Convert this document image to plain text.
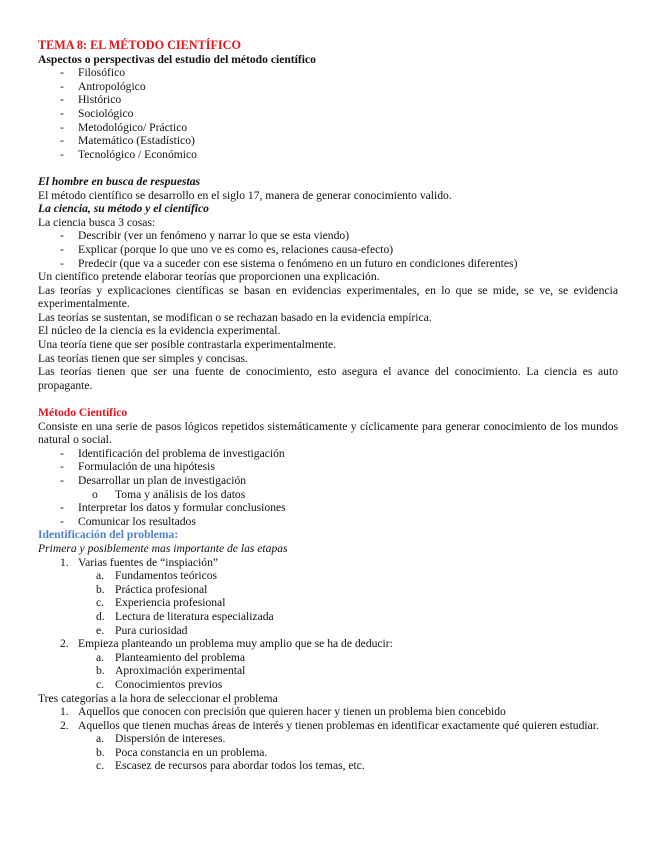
TEMA 8: EL MÉTODO CIENTÍFICO
Aspectos o perspectivas del estudio del método científico
- Filosófico
- Antropológico
- Histórico
- Sociológico
- Metodológico/ Práctico
- Matemático (Estadístico)
- Tecnológico / Económico
El hombre en busca de respuestas
El método científico se desarrollo en el siglo 17, manera de generar conocimiento valido.
La ciencia, su método y el científico
La ciencia busca 3 cosas:
- Describir (ver un fenómeno y narrar lo que se esta viendo)
- Explicar (porque lo que uno ve es como es, relaciones causa-efecto)
- Predecir (que va a suceder con ese sistema o fenómeno en un futuro en condiciones diferentes)
Un científico pretende elaborar teorías que proporcionen una explicación.
Las teorías y explicaciones científicas se basan en evidencias experimentales, en lo que se mide, se ve, se evidencia experimentalmente.
Las teorías se sustentan, se modifican o se rechazan basado en la evidencia empírica.
El núcleo de la ciencia es la evidencia experimental.
Una teoría tiene que ser posible contrastarla experimentalmente.
Las teorías tienen que ser simples y concisas.
Las teorías tienen que ser una fuente de conocimiento, esto asegura el avance del conocimiento. La ciencia es auto propagante.
Método Científico
Consiste en una serie de pasos lógicos repetidos sistemáticamente y cíclicamente para generar conocimiento de los mundos natural o social.
- Identificación del problema de investigación
- Formulación de una hipótesis
- Desarrollar un plan de investigación
o Toma y análisis de los datos
- Interpretar los datos y formular conclusiones
- Comunicar los resultados
Identificación del problema:
Primera y posiblemente mas importante de las etapas
1. Varias fuentes de “inspiación”
a. Fundamentos teóricos
b. Práctica profesional
c. Experiencia profesional
d. Lectura de literatura especializada
e. Pura curiosidad
2. Empieza planteando un problema muy amplio que se ha de deducir:
a. Planteamiento del problema
b. Aproximación experimental
c. Conocimientos previos
Tres categorías a la hora de seleccionar el problema
1. Aquellos que conocen con precisión que quieren hacer y tienen un problema bien concebido
2. Aquellos que tienen muchas áreas de interés y tienen problemas en identificar exactamente qué quieren estudiar.
a. Dispersión de intereses.
b. Poca constancia en un problema.
c. Escasez de recursos para abordar todos los temas, etc.
